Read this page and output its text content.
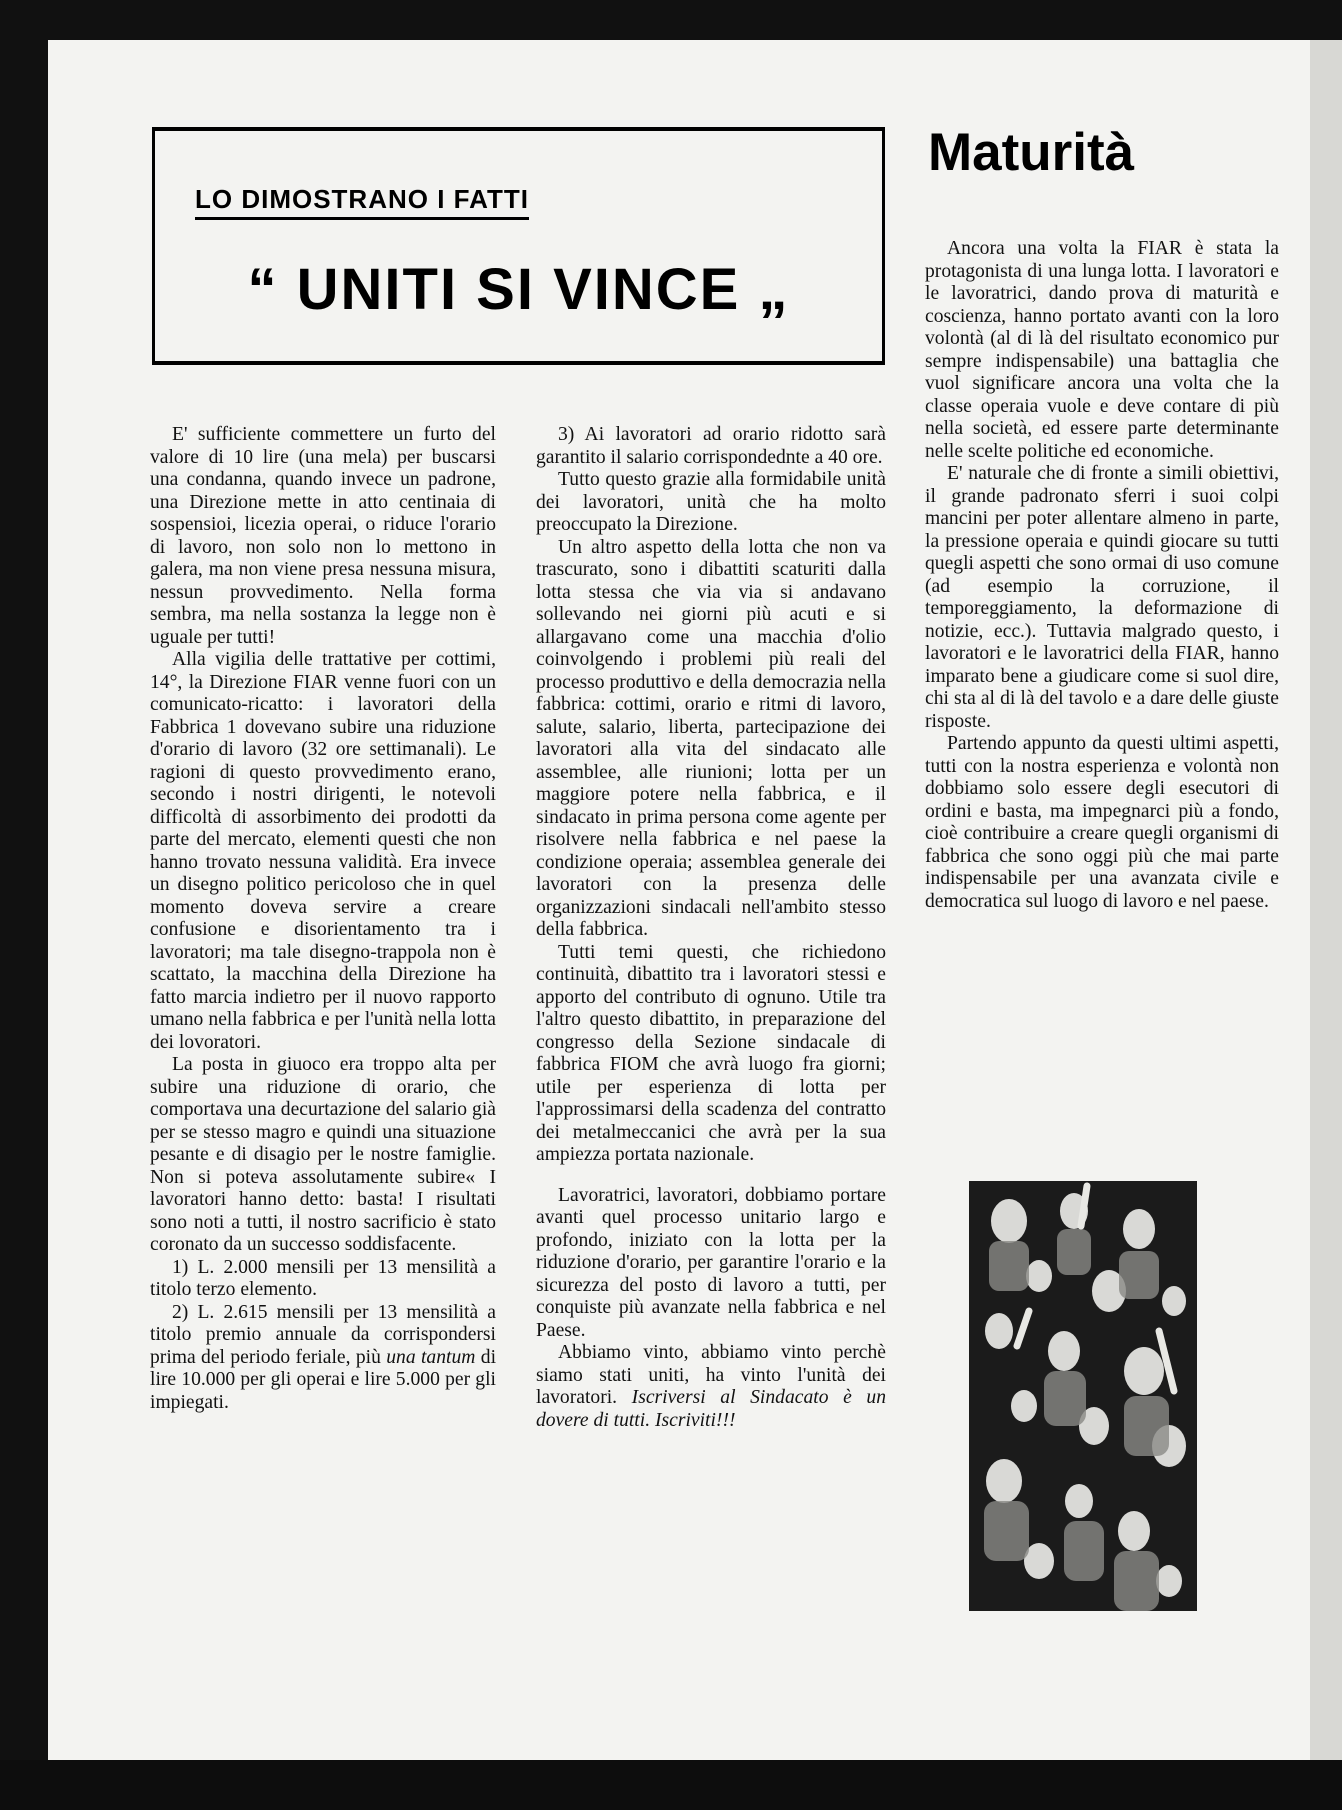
LO DIMOSTRANO I FATTI
“ UNITI SI VINCE „
Maturità

E' sufficiente commettere un furto del valore di 10 lire (una mela) per buscarsi una condanna, quando invece un padrone, una Direzione mette in atto centinaia di sospensioi, licezia operai, o riduce l'orario di lavoro, non solo non lo mettono in galera, ma non viene presa nessuna misura, nessun provvedimento. Nella forma sembra, ma nella sostanza la legge non è uguale per tutti!

Alla vigilia delle trattative per cottimi, 14°, la Direzione FIAR venne fuori con un comunicato-ricatto: i lavoratori della Fabbrica 1 dovevano subire una riduzione d'orario di lavoro (32 ore settimanali). Le ragioni di questo provvedimento erano, secondo i nostri dirigenti, le notevoli difficoltà di assorbimento dei prodotti da parte del mercato, elementi questi che non hanno trovato nessuna validità. Era invece un disegno politico pericoloso che in quel momento doveva servire a creare confusione e disorientamento tra i lavoratori; ma tale disegno-trappola non è scattato, la macchina della Direzione ha fatto marcia indietro per il nuovo rapporto umano nella fabbrica e per l'unità nella lotta dei lovoratori.

La posta in giuoco era troppo alta per subire una riduzione di orario, che comportava una decurtazione del salario già per se stesso magro e quindi una situazione pesante e di disagio per le nostre famiglie. Non si poteva assolutamente subire« I lavoratori hanno detto: basta! I risultati sono noti a tutti, il nostro sacrificio è stato coronato da un successo soddisfacente.

1) L. 2.000 mensili per 13 mensilità a titolo terzo elemento.

2) L. 2.615 mensili per 13 mensilità a titolo premio annuale da corrispondersi prima del periodo feriale, più una tantum di lire 10.000 per gli operai e lire 5.000 per gli impiegati.

3) Ai lavoratori ad orario ridotto sarà garantito il salario corrispondednte a 40 ore.

Tutto questo grazie alla formidabile unità dei lavoratori, unità che ha molto preoccupato la Direzione.

Un altro aspetto della lotta che non va trascurato, sono i dibattiti scaturiti dalla lotta stessa che via via si andavano sollevando nei giorni più acuti e si allargavano come una macchia d'olio coinvolgendo i problemi più reali del processo produttivo e della democrazia nella fabbrica: cottimi, orario e ritmi di lavoro, salute, salario, liberta, partecipazione dei lavoratori alla vita del sindacato alle assemblee, alle riunioni; lotta per un maggiore potere nella fabbrica, e il sindacato in prima persona come agente per risolvere nella fabbrica e nel paese la condizione operaia; assemblea generale dei lavoratori con la presenza delle organizzazioni sindacali nell'ambito stesso della fabbrica.

Tutti temi questi, che richiedono continuità, dibattito tra i lavoratori stessi e apporto del contributo di ognuno. Utile tra l'altro questo dibattito, in preparazione del congresso della Sezione sindacale di fabbrica FIOM che avrà luogo fra giorni; utile per esperienza di lotta per l'approssimarsi della scadenza del contratto dei metalmeccanici che avrà per la sua ampiezza portata nazionale.

Lavoratrici, lavoratori, dobbiamo portare avanti quel processo unitario largo e profondo, iniziato con la lotta per la riduzione d'orario, per garantire l'orario e la sicurezza del posto di lavoro a tutti, per conquiste più avanzate nella fabbrica e nel Paese.

Abbiamo vinto, abbiamo vinto perchè siamo stati uniti, ha vinto l'unità dei lavoratori. Iscriversi al Sindacato è un dovere di tutti. Iscriviti!!!

Ancora una volta la FIAR è stata la protagonista di una lunga lotta. I lavoratori e le lavoratrici, dando prova di maturità e coscienza, hanno portato avanti con la loro volontà (al di là del risultato economico pur sempre indispensabile) una battaglia che vuol significare ancora una volta che la classe operaia vuole e deve contare di più nella società, ed essere parte determinante nelle scelte politiche ed economiche.

E' naturale che di fronte a simili obiettivi, il grande padronato sferri i suoi colpi mancini per poter allentare almeno in parte, la pressione operaia e quindi giocare su tutti quegli aspetti che sono ormai di uso comune (ad esempio la corruzione, il temporeggiamento, la deformazione di notizie, ecc.). Tuttavia malgrado questo, i lavoratori e le lavoratrici della FIAR, hanno imparato bene a giudicare come si suol dire, chi sta al di là del tavolo e a dare delle giuste risposte.

Partendo appunto da questi ultimi aspetti, tutti con la nostra esperienza e volontà non dobbiamo solo essere degli esecutori di ordini e basta, ma impegnarci più a fondo, cioè contribuire a creare quegli organismi di fabbrica che sono oggi più che mai parte indispensabile per una avanzata civile e democratica sul luogo di lavoro e nel paese.
